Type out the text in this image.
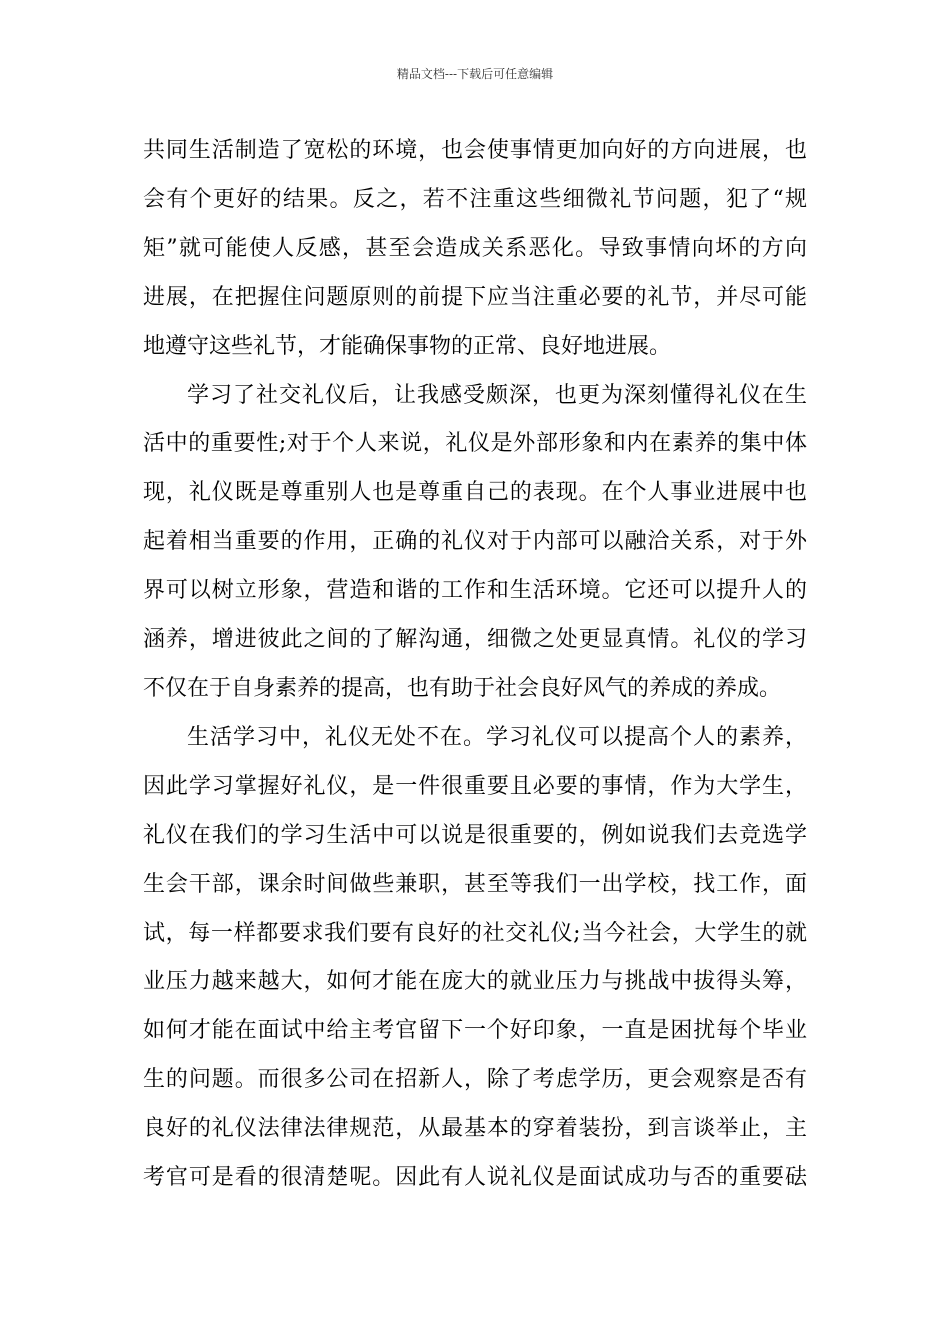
精品文档---下载后可任意编辑

共同生活制造了宽松的环境，也会使事情更加向好的方向进展，也
会有个更好的结果。反之，若不注重这些细微礼节问题，犯了“规
矩”就可能使人反感，甚至会造成关系恶化。导致事情向坏的方向
进展，在把握住问题原则的前提下应当注重必要的礼节，并尽可能
地遵守这些礼节，才能确保事物的正常、良好地进展。

学习了社交礼仪后，让我感受颇深，也更为深刻懂得礼仪在生
活中的重要性;对于个人来说，礼仪是外部形象和内在素养的集中体
现，礼仪既是尊重别人也是尊重自己的表现。在个人事业进展中也
起着相当重要的作用，正确的礼仪对于内部可以融洽关系，对于外
界可以树立形象，营造和谐的工作和生活环境。它还可以提升人的
涵养，增进彼此之间的了解沟通，细微之处更显真情。礼仪的学习
不仅在于自身素养的提高，也有助于社会良好风气的养成的养成。

生活学习中，礼仪无处不在。学习礼仪可以提高个人的素养，
因此学习掌握好礼仪，是一件很重要且必要的事情，作为大学生，
礼仪在我们的学习生活中可以说是很重要的，例如说我们去竞选学
生会干部，课余时间做些兼职，甚至等我们一出学校，找工作，面
试，每一样都要求我们要有良好的社交礼仪;当今社会，大学生的就
业压力越来越大，如何才能在庞大的就业压力与挑战中拔得头筹，
如何才能在面试中给主考官留下一个好印象，一直是困扰每个毕业
生的问题。而很多公司在招新人，除了考虑学历，更会观察是否有
良好的礼仪法律法律规范，从最基本的穿着装扮，到言谈举止，主
考官可是看的很清楚呢。因此有人说礼仪是面试成功与否的重要砝
